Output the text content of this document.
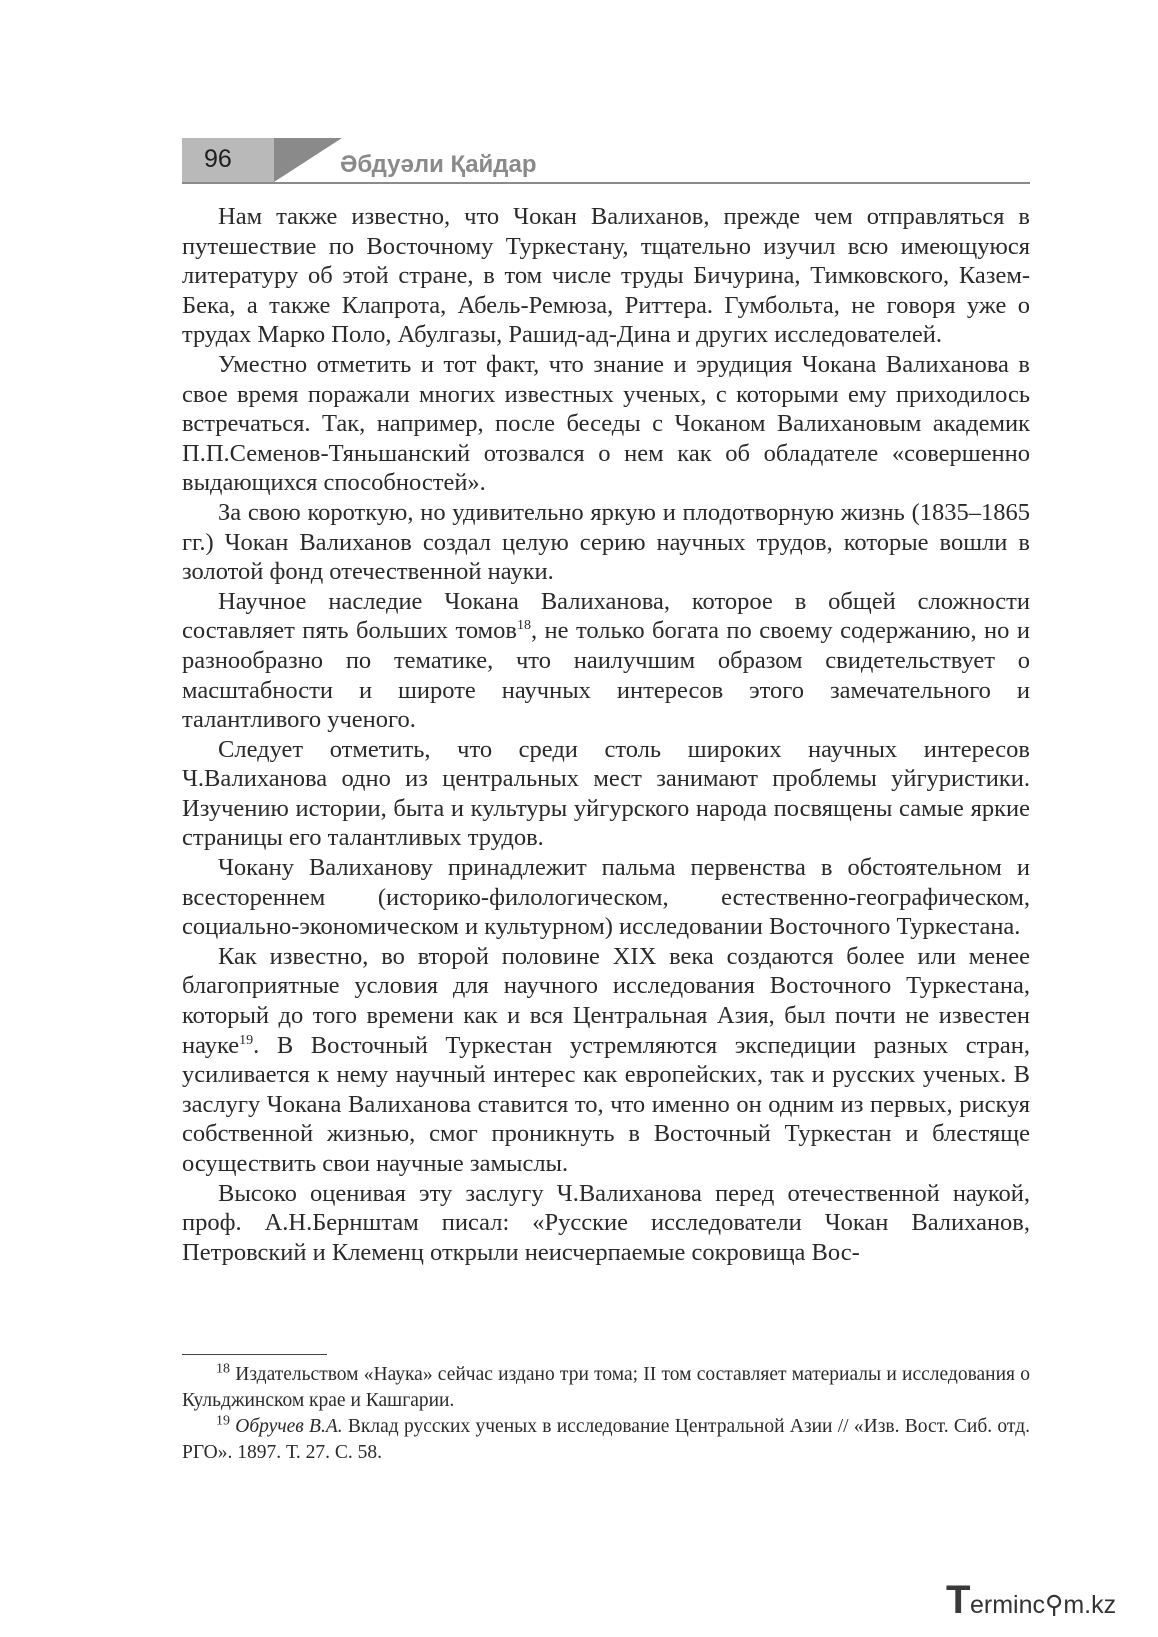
96	Әбдуәли Қайдар

Нам также известно, что Чокан Валиханов, прежде чем отправляться в путешествие по Восточному Туркестану, тщательно изучил всю имеющуюся литературу об этой стране, в том числе труды Бичурина, Тимковского, Казем-Бека, а также Клапрота, Абель-Ремюза, Риттера. Гумбольта, не говоря уже о трудах Марко Поло, Абулгазы, Рашид-ад-Дина и других исследователей.

Уместно отметить и тот факт, что знание и эрудиция Чокана Валиханова в свое время поражали многих известных ученых, с которыми ему приходилось встречаться. Так, например, после беседы с Чоканом Валихановым академик П.П.Семенов-Тяньшанский отозвался о нем как об обладателе «совершенно выдающихся способностей».

За свою короткую, но удивительно яркую и плодотворную жизнь (1835–1865 гг.) Чокан Валиханов создал целую серию научных трудов, которые вошли в золотой фонд отечественной науки.

Научное наследие Чокана Валиханова, которое в общей сложности составляет пять больших томов$^{18}$, не только богата по своему содержанию, но и разнообразно по тематике, что наилучшим образом свидетельствует о масштабности и широте научных интересов этого замечательного и талантливого ученого.

Следует отметить, что среди столь широких научных интересов Ч.Валиханова одно из центральных мест занимают проблемы уйгуристики. Изучению истории, быта и культуры уйгурского народа посвящены самые яркие страницы его талантливых трудов.

Чокану Валиханову принадлежит пальма первенства в обстоятельном и всестореннем (историко-филологическом, естественно-географическом, социально-экономическом и культурном) исследовании Восточного Туркестана.

Как известно, во второй половине XIX века создаются более или менее благоприятные условия для научного исследования Восточного Туркестана, который до того времени как и вся Центральная Азия, был почти не известен науке$^{19}$. В Восточный Туркестан устремляются экспедиции разных стран, усиливается к нему научный интерес как европейских, так и русских ученых. В заслугу Чокана Валиханова ставится то, что именно он одним из первых, рискуя собственной жизнью, смог проникнуть в Восточный Туркестан и блестяще осуществить свои научные замыслы.

Высоко оценивая эту заслугу Ч.Валиханова перед отечественной наукой, проф. А.Н.Бернштам писал: «Русские исследователи Чокан Валиханов, Петровский и Клеменц открыли неисчерпаемые сокровища Вос-

$^{18}$ Издательством «Наука» сейчас издано три тома; II том составляет материалы и исследования о Кульджинском крае и Кашгарии.

$^{19}$ Обручев В.А. Вклад русских ученых в исследование Центральной Азии // «Изв. Вост. Сиб. отд. РГО». 1897. Т. 27. С. 58.

T erminc⚲m.kz
